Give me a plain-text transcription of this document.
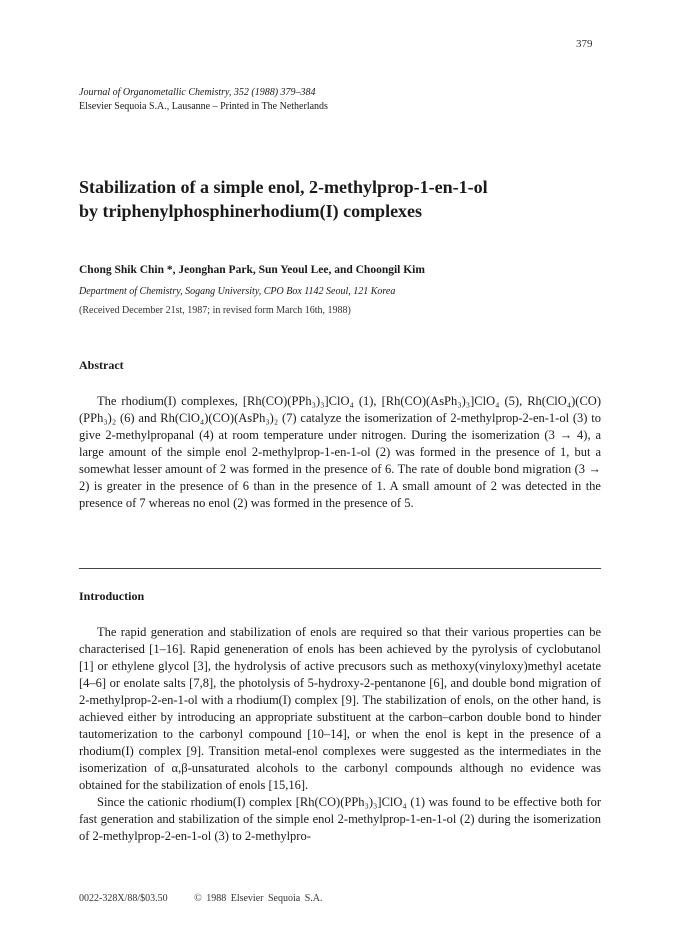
379
Journal of Organometallic Chemistry, 352 (1988) 379–384
Elsevier Sequoia S.A., Lausanne – Printed in The Netherlands
Stabilization of a simple enol, 2-methylprop-1-en-1-ol
by triphenylphosphinerhodium(I) complexes
Chong Shik Chin *, Jeonghan Park, Sun Yeoul Lee, and Choongil Kim
Department of Chemistry, Sogang University, CPO Box 1142 Seoul, 121 Korea
(Received December 21st, 1987; in revised form March 16th, 1988)
Abstract

The rhodium(I) complexes, [Rh(CO)(PPh₃)₃]ClO₄ (1), [Rh(CO)(AsPh₃)₃]ClO₄ (5), Rh(ClO₄)(CO)(PPh₃)₂ (6) and Rh(ClO₄)(CO)(AsPh₃)₂ (7) catalyze the isomerization of 2-methylprop-2-en-1-ol (3) to give 2-methylpropanal (4) at room temperature under nitrogen. During the isomerization (3 → 4), a large amount of the simple enol 2-methylprop-1-en-1-ol (2) was formed in the presence of 1, but a somewhat lesser amount of 2 was formed in the presence of 6. The rate of double bond migration (3 → 2) is greater in the presence of 6 than in the presence of 1. A small amount of 2 was detected in the presence of 7 whereas no enol (2) was formed in the presence of 5.

Introduction

The rapid generation and stabilization of enols are required so that their various properties can be characterised [1–16]. Rapid geneneration of enols has been achieved by the pyrolysis of cyclobutanol [1] or ethylene glycol [3], the hydrolysis of active precusors such as methoxy(vinyloxy)methyl acetate [4–6] or enolate salts [7,8], the photolysis of 5-hydroxy-2-pentanone [6], and double bond migration of 2-methylprop-2-en-1-ol with a rhodium(I) complex [9]. The stabilization of enols, on the other hand, is achieved either by introducing an appropriate substituent at the carbon–carbon double bond to hinder tautomerization to the carbonyl compound [10–14], or when the enol is kept in the presence of a rhodium(I) complex [9]. Transition metal-enol complexes were suggested as the intermediates in the isomerization of α,β-unsaturated alcohols to the carbonyl compounds although no evidence was obtained for the stabilization of enols [15,16].

Since the cationic rhodium(I) complex [Rh(CO)(PPh₃)₃]ClO₄ (1) was found to be effective both for fast generation and stabilization of the simple enol 2-methylprop-1-en-1-ol (2) during the isomerization of 2-methylprop-2-en-1-ol (3) to 2-methylpro-

0022-328X/88/$03.50	© 1988 Elsevier Sequoia S.A.
